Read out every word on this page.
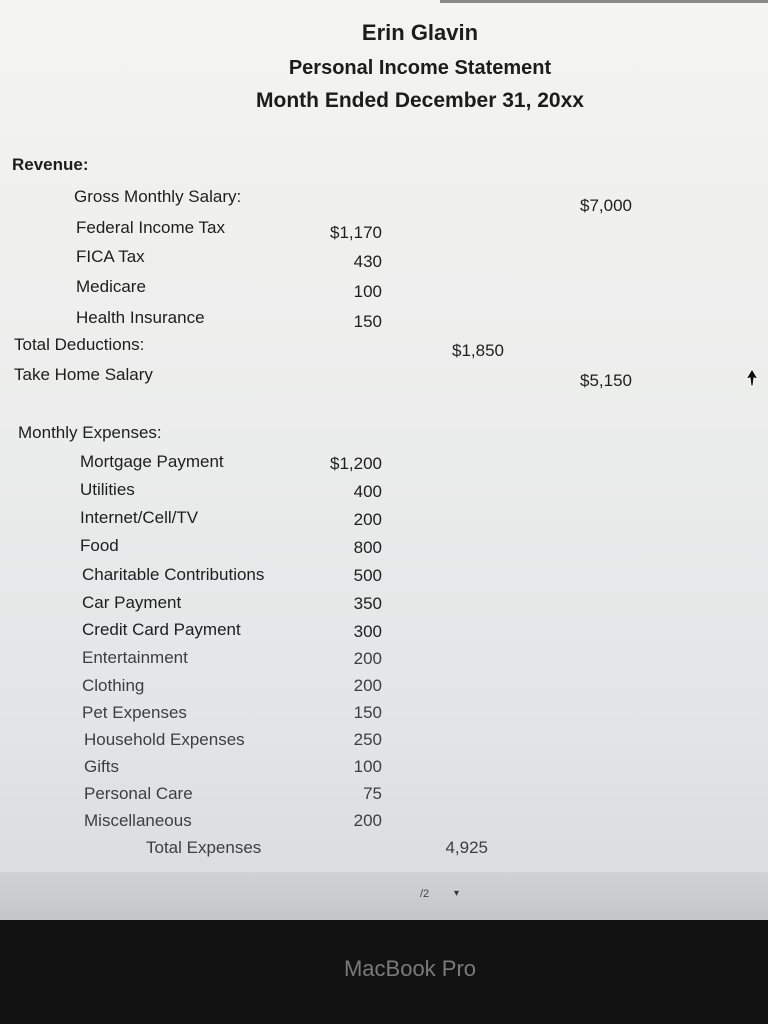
Erin Glavin
Personal Income Statement
Month Ended December 31, 20xx
Revenue:
Gross Monthly Salary:	$7,000
Federal Income Tax	$1,170
FICA Tax	430
Medicare	100
Health Insurance	150
Total Deductions:	$1,850
Take Home Salary	$5,150
Monthly Expenses:
Mortgage Payment	$1,200
Utilities	400
Internet/Cell/TV	200
Food	800
Charitable Contributions	500
Car Payment	350
Credit Card Payment	300
Entertainment	200
Clothing	200
Pet Expenses	150
Household Expenses	250
Gifts	100
Personal Care	75
Miscellaneous	200
Total Expenses	4,925
/2 ▾
MacBook Pro
